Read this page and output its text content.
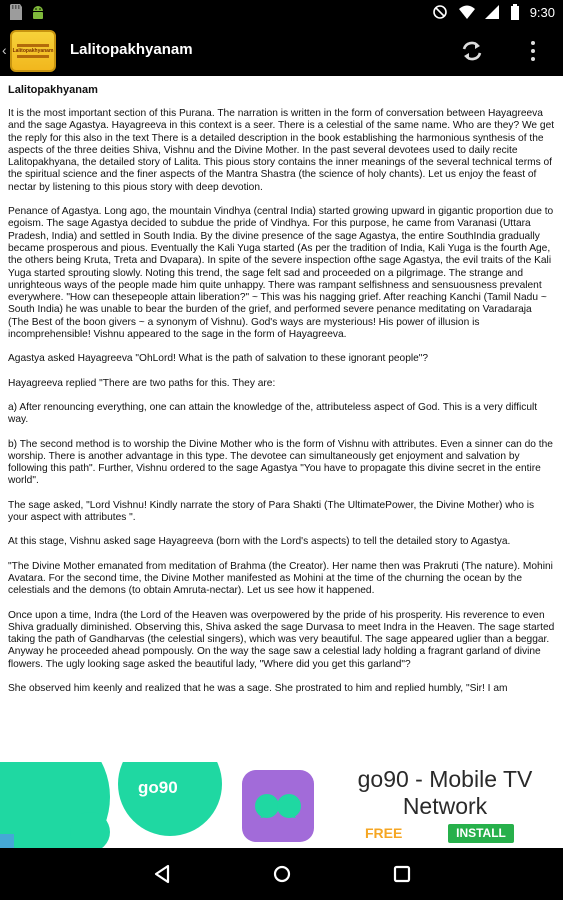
9:30
‹ Lalitopakhyanam Lalitopakhyanam
Lalitopakhyanam

It is the most important section of this Purana. The narration is written in the form of conversation between Hayagreeva and the sage Agastya. Hayagreeva in this context is a seer. There is a celestial of the same name. Who are they? We get the reply for this also in the text There is a detailed description in the book establishing the harmonious synthesis of the aspects of the three deities Shiva, Vishnu and the Divine Mother. In the past several devotees used to daily recite Lalitopakhyana, the detailed story of Lalita. This pious story contains the inner meanings of the several technical terms of the spiritual science and the finer aspects of the Mantra Shastra (the science of holy chants). Let us enjoy the feast of nectar by listening to this pious story with deep devotion.

Penance of Agastya. Long ago, the mountain Vindhya (central India) started growing upward in gigantic proportion due to egoism. The sage Agastya decided to subdue the pride of Vindhya. For this purpose, he came from Varanasi (Uttara Pradesh, India) and settled in South India. By the divine presence of the sage Agastya, the entire SouthIndia gradually became prosperous and pious. Eventually the Kali Yuga started (As per the tradition of India, Kali Yuga is the fourth Age, the others being Kruta, Treta and Dvapara). In spite of the severe inspection ofthe sage Agastya, the evil traits of the Kali Yuga started sprouting slowly. Noting this trend, the sage felt sad and proceeded on a pilgrimage. The strange and unrighteous ways of the people made him quite unhappy. There was rampant selfishness and sensuousness prevalent everywhere. "How can thesepeople attain liberation?" ~ This was his nagging grief. After reaching Kanchi (Tamil Nadu ~ South India) he was unable to bear the burden of the grief, and performed severe penance meditating on Varadaraja (The Best of the boon givers ~ a synonym of Vishnu). God's ways are mysterious! His power of illusion is incomprehensible! Vishnu appeared to the sage in the form of Hayagreeva.

Agastya asked Hayagreeva "OhLord! What is the path of salvation to these ignorant people"?

Hayagreeva replied "There are two paths for this. They are:

a) After renouncing everything, one can attain the knowledge of the, attributeless aspect of God. This is a very difficult way.

b) The second method is to worship the Divine Mother who is the form of Vishnu with attributes. Even a sinner can do the worship. There is another advantage in this type. The devotee can simultaneously get enjoyment and salvation by following this path". Further, Vishnu ordered to the sage Agastya "You have to propagate this divine secret in the entire world".

The sage asked, "Lord Vishnu! Kindly narrate the story of Para Shakti (The UltimatePower, the Divine Mother) who is your aspect with attributes ".

At this stage, Vishnu asked sage Hayagreeva (born with the Lord's aspects) to tell the detailed story to Agastya.

"The Divine Mother emanated from meditation of Brahma (the Creator). Her name then was Prakruti (The nature). Mohini Avatara. For the second time, the Divine Mother manifested as Mohini at the time of the churning the ocean by the celestials and the demons (to obtain Amruta-nectar). Let us see how it happened.

Once upon a time, Indra (the Lord of the Heaven was overpowered by the pride of his prosperity. His reverence to even Shiva gradually diminished. Observing this, Shiva asked the sage Durvasa to meet Indra in the Heaven. The sage started taking the path of Gandharvas (the celestial singers), which was very beautiful. The sage appeared uglier than a beggar. Anyway he proceeded ahead pompously. On the way the sage saw a celestial lady holding a fragrant garland of divine flowers. The ugly looking sage asked the beautiful lady, "Where did you get this garland"?

She observed him keenly and realized that he was a sage. She prostrated to him and replied humbly, "Sir! I am

go90	go90 - Mobile TV Network
FREE	INSTALL
